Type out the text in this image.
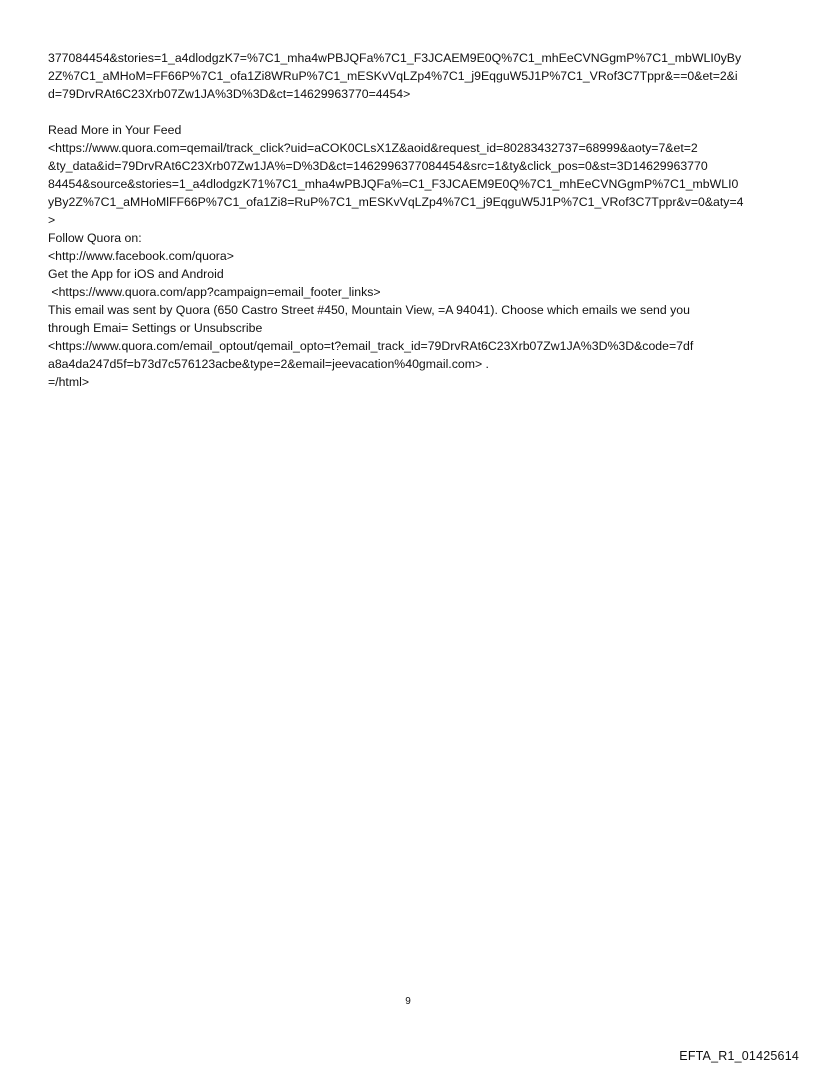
377084454&stories=1_a4dlodgzK7=%7C1_mha4wPBJQFa%7C1_F3JCAEM9E0Q%7C1_mhEeCVNGgmP%7C1_mbWLI0yBy
2Z%7C1_aMHoM=FF66P%7C1_ofa1Zi8WRuP%7C1_mESKvVqLZp4%7C1_j9EqguW5J1P%7C1_VRof3C7Tppr&==0&et=2&i
d=79DrvRAt6C23Xrb07Zw1JA%3D%3D&ct=14629963770=4454>
Read More in Your Feed
<https://www.quora.com=qemail/track_click?uid=aCOK0CLsX1Z&aoid&request_id=80283432737=68999&aoty=7&et=2
&ty_data&id=79DrvRAt6C23Xrb07Zw1JA%=D%3D&ct=1462996377084454&src=1&ty&click_pos=0&st=3D14629963770
84454&source&stories=1_a4dlodgzK71%7C1_mha4wPBJQFa%=C1_F3JCAEM9E0Q%7C1_mhEeCVNGgmP%7C1_mbWLI0
yBy2Z%7C1_aMHoMlFF66P%7C1_ofa1Zi8=RuP%7C1_mESKvVqLZp4%7C1_j9EqguW5J1P%7C1_VRof3C7Tppr&v=0&aty=4
>
Follow Quora on:
<http://www.facebook.com/quora>
Get the App for iOS and Android
<https://www.quora.com/app?campaign=email_footer_links>
This email was sent by Quora (650 Castro Street #450, Mountain View, =A 94041). Choose which emails we send you
through Emai= Settings or Unsubscribe
<https://www.quora.com/email_optout/qemail_opto=t?email_track_id=79DrvRAt6C23Xrb07Zw1JA%3D%3D&code=7df
a8a4da247d5f=b73d7c576123acbe&type=2&email=jeevacation%40gmail.com> .
=/html>
9
EFTA_R1_01425614
